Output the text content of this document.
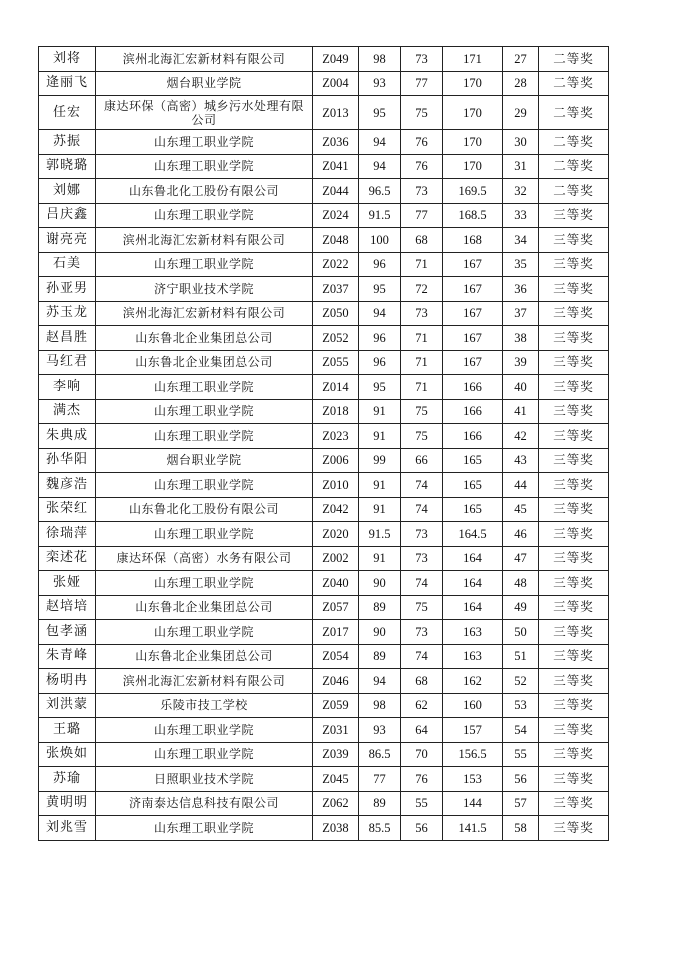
刘将	滨州北海汇宏新材料有限公司	Z049	98	73	171	27	二等奖
逄丽飞	烟台职业学院	Z004	93	77	170	28	二等奖
任宏	康达环保（高密）城乡污水处理有限公司	Z013	95	75	170	29	二等奖
苏振	山东理工职业学院	Z036	94	76	170	30	二等奖
郭晓璐	山东理工职业学院	Z041	94	76	170	31	二等奖
刘娜	山东鲁北化工股份有限公司	Z044	96.5	73	169.5	32	二等奖
吕庆鑫	山东理工职业学院	Z024	91.5	77	168.5	33	三等奖
谢亮亮	滨州北海汇宏新材料有限公司	Z048	100	68	168	34	三等奖
石美	山东理工职业学院	Z022	96	71	167	35	三等奖
孙亚男	济宁职业技术学院	Z037	95	72	167	36	三等奖
苏玉龙	滨州北海汇宏新材料有限公司	Z050	94	73	167	37	三等奖
赵昌胜	山东鲁北企业集团总公司	Z052	96	71	167	38	三等奖
马红君	山东鲁北企业集团总公司	Z055	96	71	167	39	三等奖
李响	山东理工职业学院	Z014	95	71	166	40	三等奖
满杰	山东理工职业学院	Z018	91	75	166	41	三等奖
朱典成	山东理工职业学院	Z023	91	75	166	42	三等奖
孙华阳	烟台职业学院	Z006	99	66	165	43	三等奖
魏彦浩	山东理工职业学院	Z010	91	74	165	44	三等奖
张荣红	山东鲁北化工股份有限公司	Z042	91	74	165	45	三等奖
徐瑞萍	山东理工职业学院	Z020	91.5	73	164.5	46	三等奖
栾述花	康达环保（高密）水务有限公司	Z002	91	73	164	47	三等奖
张娅	山东理工职业学院	Z040	90	74	164	48	三等奖
赵培培	山东鲁北企业集团总公司	Z057	89	75	164	49	三等奖
包孝涵	山东理工职业学院	Z017	90	73	163	50	三等奖
朱青峰	山东鲁北企业集团总公司	Z054	89	74	163	51	三等奖
杨明冉	滨州北海汇宏新材料有限公司	Z046	94	68	162	52	三等奖
刘洪蒙	乐陵市技工学校	Z059	98	62	160	53	三等奖
王璐	山东理工职业学院	Z031	93	64	157	54	三等奖
张焕如	山东理工职业学院	Z039	86.5	70	156.5	55	三等奖
苏瑜	日照职业技术学院	Z045	77	76	153	56	三等奖
黄明明	济南泰达信息科技有限公司	Z062	89	55	144	57	三等奖
刘兆雪	山东理工职业学院	Z038	85.5	56	141.5	58	三等奖
